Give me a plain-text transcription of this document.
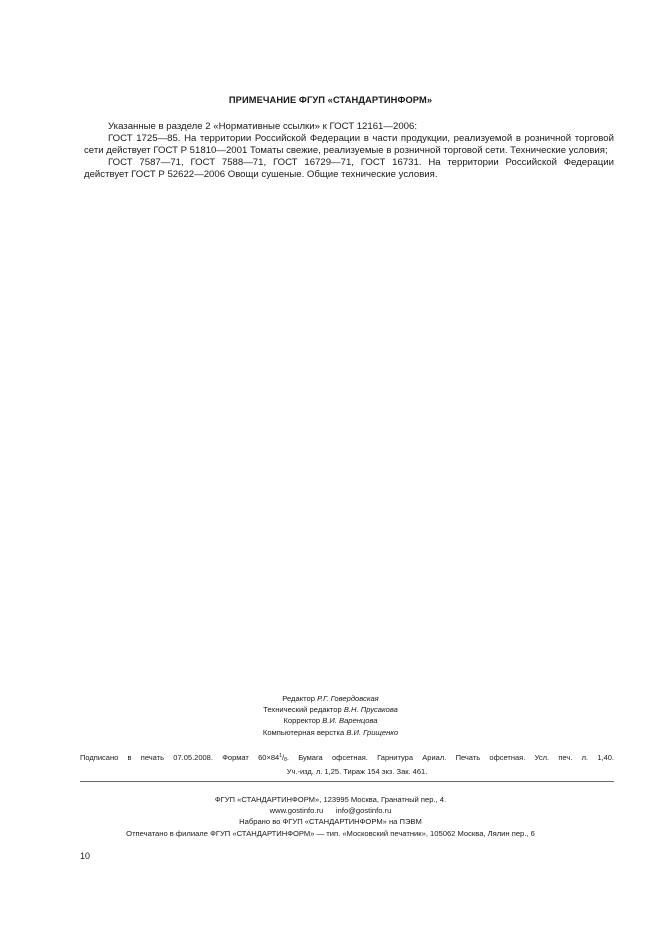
ПРИМЕЧАНИЕ ФГУП «СТАНДАРТИНФОРМ»

Указанные в разделе 2 «Нормативные ссылки» к ГОСТ 12161—2006:

ГОСТ 1725—85. На территории Российской Федерации в части продукции, реализуемой в розничной торговой сети действует ГОСТ Р 51810—2001 Томаты свежие, реализуемые в розничной торговой сети. Технические условия;

ГОСТ 7587—71, ГОСТ 7588—71, ГОСТ 16729—71, ГОСТ 16731. На территории Российской Федерации действует ГОСТ Р 52622—2006 Овощи сушеные. Общие технические условия.

Редактор Р.Г. Говердовская
Технический редактор В.Н. Прусакова
Корректор В.И. Варенцова
Компьютерная верстка В.И. Грищенко
Подписано в печать 07.05.2008. Формат $60\times 84^1/_8$. Бумага офсетная. Гарнитура Ариал. Печать офсетная. Усл. печ. л. 1,40.
Уч.-изд. л. 1,25. Тираж 154 экз. Зак. 461.
ФГУП «СТАНДАРТИНФОРМ», 123995 Москва, Гранатный пер., 4.
www.gostinfo.ru info@gostinfo.ru
Набрано во ФГУП «СТАНДАРТИНФОРМ» на ПЭВМ
Отпечатано в филиале ФГУП «СТАНДАРТИНФОРМ» — тип. «Московский печатник», 105062 Москва, Лялин пер., 6
10
